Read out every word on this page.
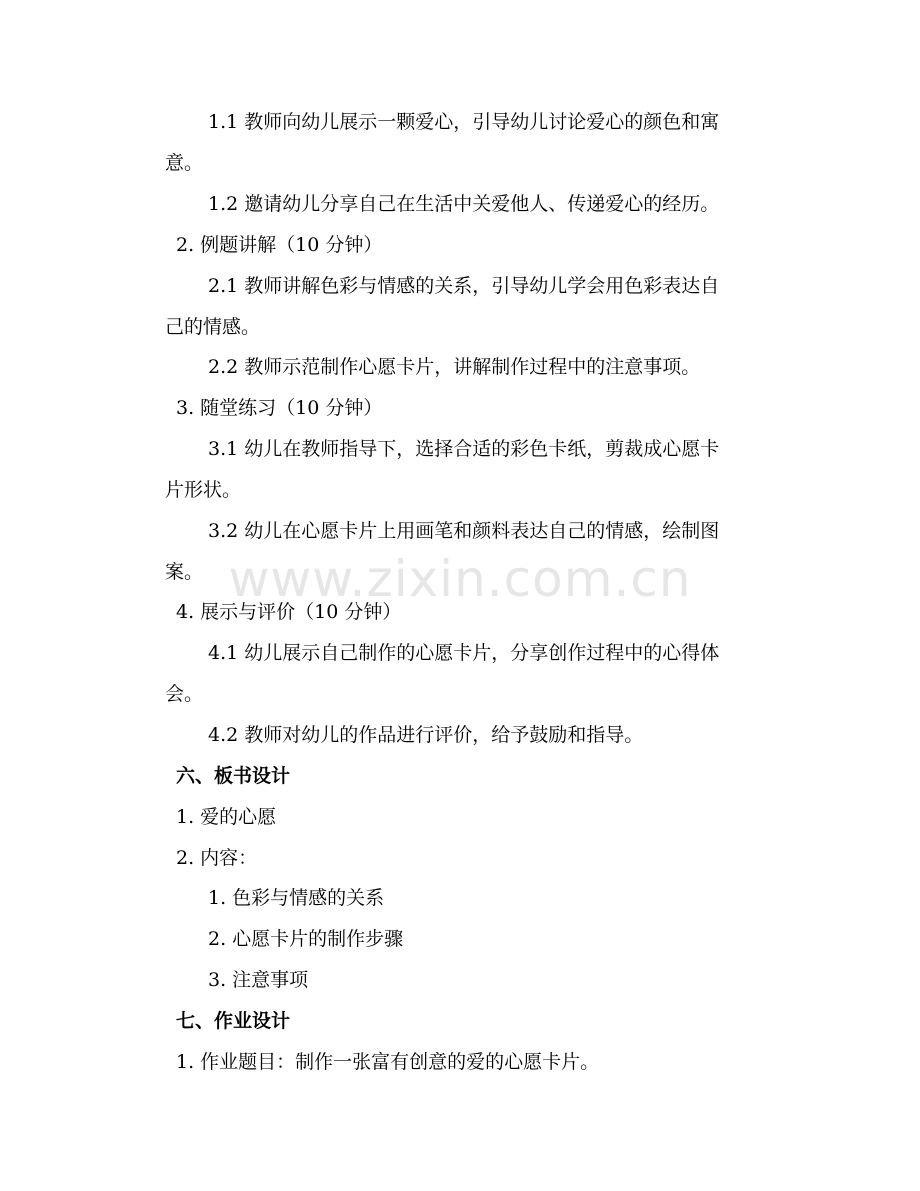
1.1 教师向幼儿展示一颗爱心，引导幼儿讨论爱心的颜色和寓
意。
1.2 邀请幼儿分享自己在生活中关爱他人、传递爱心的经历。
2. 例题讲解（10 分钟）
2.1 教师讲解色彩与情感的关系，引导幼儿学会用色彩表达自
己的情感。
2.2 教师示范制作心愿卡片，讲解制作过程中的注意事项。
3. 随堂练习（10 分钟）
3.1 幼儿在教师指导下，选择合适的彩色卡纸，剪裁成心愿卡
片形状。
3.2 幼儿在心愿卡片上用画笔和颜料表达自己的情感，绘制图
案。
4. 展示与评价（10 分钟）
4.1 幼儿展示自己制作的心愿卡片，分享创作过程中的心得体
会。
4.2 教师对幼儿的作品进行评价，给予鼓励和指导。
六、板书设计
1. 爱的心愿
2. 内容：
1. 色彩与情感的关系
2. 心愿卡片的制作步骤
3. 注意事项
七、作业设计
1. 作业题目：制作一张富有创意的爱的心愿卡片。
www.zixin.com.cn
